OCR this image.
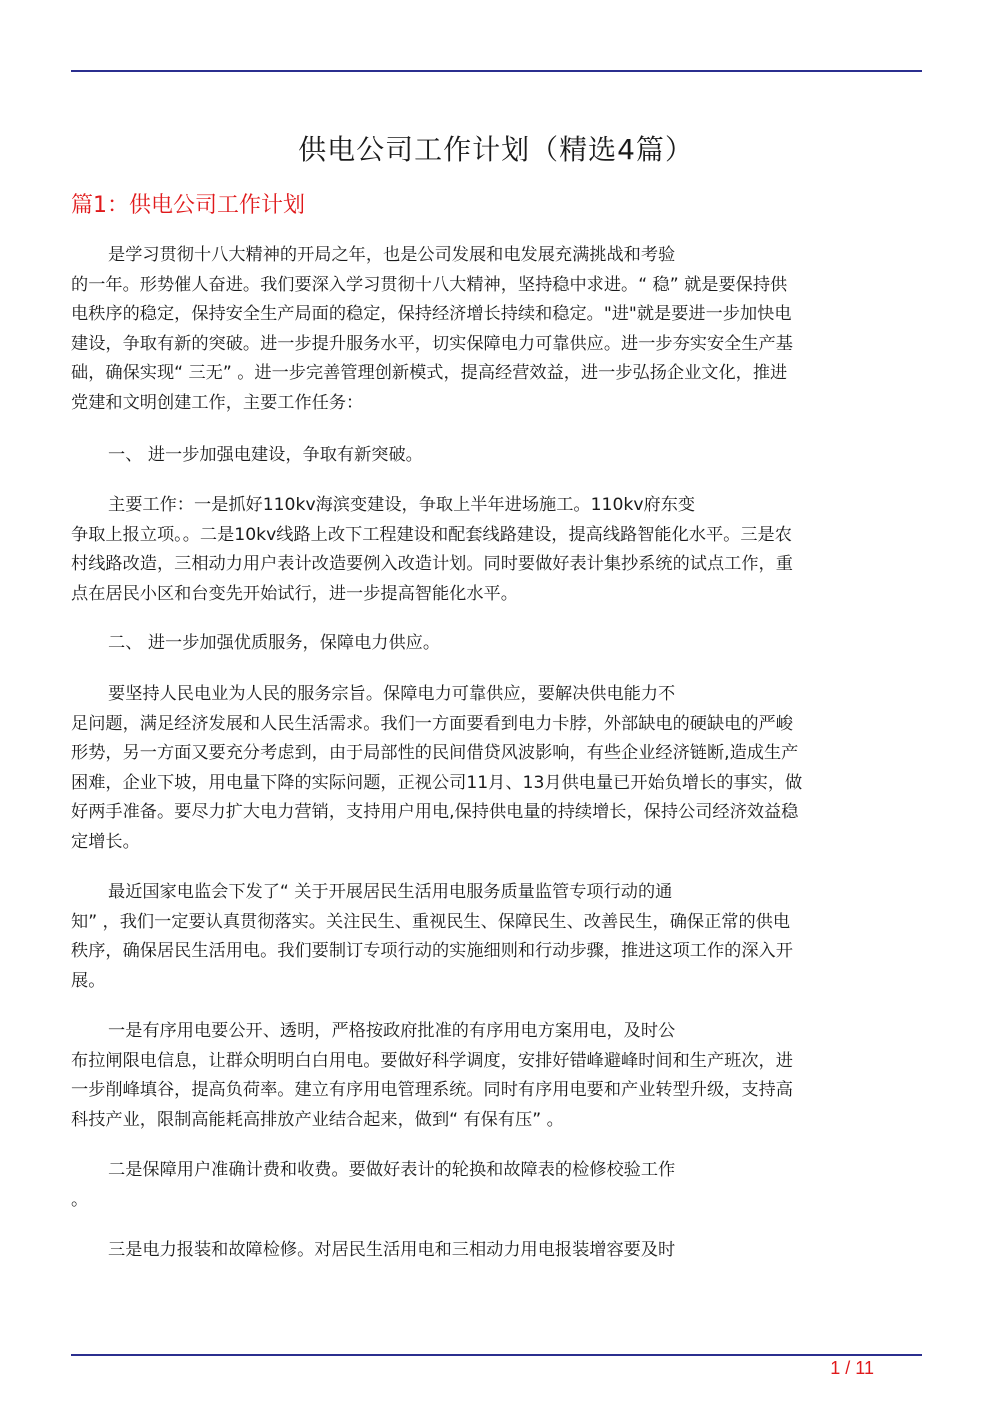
供电公司工作计划（精选4篇）
篇1：供电公司工作计划
是学习贯彻十八大精神的开局之年，也是公司发展和电发展充满挑战和考验
的一年。形势催人奋进。我们要深入学习贯彻十八大精神，坚持稳中求进。“ 稳” 就是要保持供
电秩序的稳定，保持安全生产局面的稳定，保持经济增长持续和稳定。"进"就是要进一步加快电
建设，争取有新的突破。进一步提升服务水平，切实保障电力可靠供应。进一步夯实安全生产基
础，确保实现“ 三无” 。进一步完善管理创新模式，提高经营效益，进一步弘扬企业文化，推进
党建和文明创建工作，主要工作任务：
一、 进一步加强电建设，争取有新突破。
主要工作：一是抓好110kv海滨变建设，争取上半年进场施工。110kv府东变
争取上报立项。。二是10kv线路上改下工程建设和配套线路建设，提高线路智能化水平。三是农
村线路改造，三相动力用户表计改造要例入改造计划。同时要做好表计集抄系统的试点工作，重
点在居民小区和台变先开始试行，进一步提高智能化水平。
二、 进一步加强优质服务，保障电力供应。
要坚持人民电业为人民的服务宗旨。保障电力可靠供应，要解决供电能力不
足问题，满足经济发展和人民生活需求。我们一方面要看到电力卡脖，外部缺电的硬缺电的严峻
形势，另一方面又要充分考虑到，由于局部性的民间借贷风波影响，有些企业经济链断,造成生产
困难，企业下坡，用电量下降的实际问题，正视公司11月、13月供电量已开始负增长的事实，做
好两手准备。要尽力扩大电力营销，支持用户用电,保持供电量的持续增长，保持公司经济效益稳
定增长。
最近国家电监会下发了“ 关于开展居民生活用电服务质量监管专项行动的通
知” ，我们一定要认真贯彻落实。关注民生、重视民生、保障民生、改善民生，确保正常的供电
秩序，确保居民生活用电。我们要制订专项行动的实施细则和行动步骤，推进这项工作的深入开
展。
一是有序用电要公开、透明，严格按政府批准的有序用电方案用电，及时公
布拉闸限电信息，让群众明明白白用电。要做好科学调度，安排好错峰避峰时间和生产班次，进
一步削峰填谷，提高负荷率。建立有序用电管理系统。同时有序用电要和产业转型升级，支持高
科技产业，限制高能耗高排放产业结合起来，做到“ 有保有压” 。
二是保障用户准确计费和收费。要做好表计的轮换和故障表的检修校验工作
。
三是电力报装和故障检修。对居民生活用电和三相动力用电报装增容要及时
1 / 11
